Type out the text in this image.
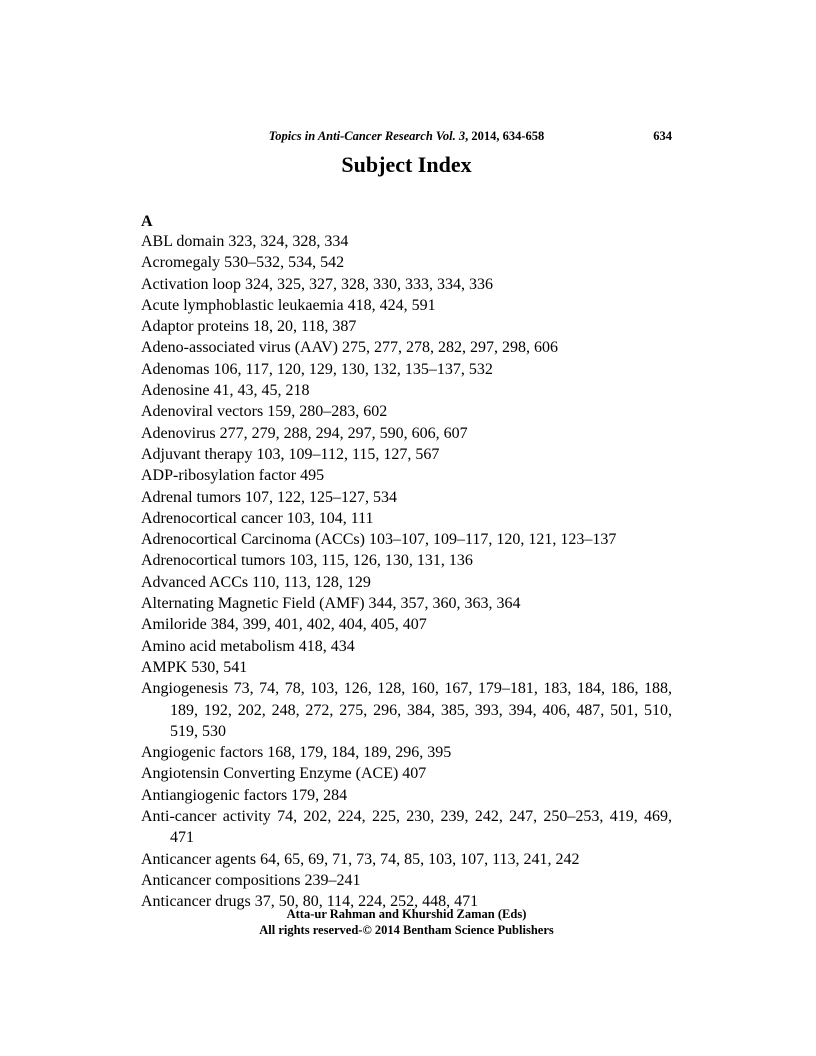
Topics in Anti-Cancer Research Vol. 3, 2014, 634-658	634
Subject Index
A

ABL domain 323, 324, 328, 334

Acromegaly 530–532, 534, 542

Activation loop 324, 325, 327, 328, 330, 333, 334, 336

Acute lymphoblastic leukaemia 418, 424, 591

Adaptor proteins 18, 20, 118, 387

Adeno-associated virus (AAV) 275, 277, 278, 282, 297, 298, 606

Adenomas 106, 117, 120, 129, 130, 132, 135–137, 532

Adenosine 41, 43, 45, 218

Adenoviral vectors 159, 280–283, 602

Adenovirus 277, 279, 288, 294, 297, 590, 606, 607

Adjuvant therapy 103, 109–112, 115, 127, 567

ADP-ribosylation factor 495

Adrenal tumors 107, 122, 125–127, 534

Adrenocortical cancer 103, 104, 111

Adrenocortical Carcinoma (ACCs) 103–107, 109–117, 120, 121, 123–137

Adrenocortical tumors 103, 115, 126, 130, 131, 136

Advanced ACCs 110, 113, 128, 129

Alternating Magnetic Field (AMF) 344, 357, 360, 363, 364

Amiloride 384, 399, 401, 402, 404, 405, 407

Amino acid metabolism 418, 434

AMPK 530, 541

Angiogenesis 73, 74, 78, 103, 126, 128, 160, 167, 179–181, 183, 184, 186, 188, 189, 192, 202, 248, 272, 275, 296, 384, 385, 393, 394, 406, 487, 501, 510, 519, 530

Angiogenic factors 168, 179, 184, 189, 296, 395

Angiotensin Converting Enzyme (ACE) 407

Antiangiogenic factors 179, 284

Anti-cancer activity 74, 202, 224, 225, 230, 239, 242, 247, 250–253, 419, 469, 471

Anticancer agents 64, 65, 69, 71, 73, 74, 85, 103, 107, 113, 241, 242

Anticancer compositions 239–241

Anticancer drugs 37, 50, 80, 114, 224, 252, 448, 471

Atta-ur Rahman and Khurshid Zaman (Eds)
All rights reserved-© 2014 Bentham Science Publishers
